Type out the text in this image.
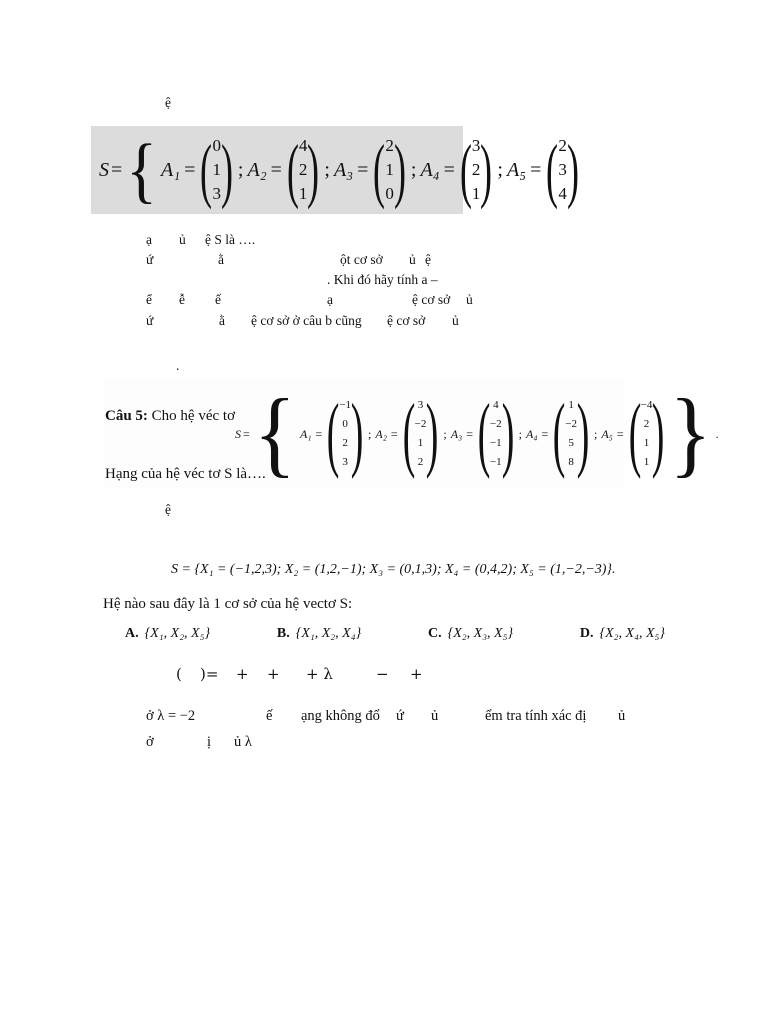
ệ
S = { A₁ = ( 0
1
3 ) ; A₂ = ( 4
2
1 ) ; A₃ = ( 2
1
0 ) ; A₄ = ( 3
2
1 ) ; A₅ = ( 2
3
4 )
ạ ủ ệ S là ….
ứ	ằ	ột cơ sở ủ ệ
. Khi đó hãy tính a –
ể ễ ế	ạ	ệ cơ sở ủ
ứ	ằ ệ cơ sở ở câu b cũng ệ cơ sở ủ
.
Câu 5: Cho hệ véc tơ
S = { A₁ = ( −1
0
2
3 ) ; A₂ = ( 3
−2
1
2 ) ; A₃ = ( 4
−2
−1
−1 ) ; A₄ = ( 1
−2
5
8 ) ; A₅ = ( −4
2
1
1 ) } .
Hạng của hệ véc tơ S là….
ệ
S = {X₁ = (−1,2,3); X₂ = (1,2,−1); X₃ = (0,1,3); X₄ = (0,4,2); X₅ = (1,−2,−3)}.
Hệ nào sau đây là 1 cơ sở của hệ vectơ S:
A. {X₁, X₂, X₅}	B. {X₁, X₂, X₄}	C. {X₂, X₃, X₅}	D. {X₂, X₄, X₅}
( )= + + + λ	− +
ở λ = −2	ế ạng không đổ ứ ủ	ểm tra tính xác đị ủ
ở	ị ủ λ
